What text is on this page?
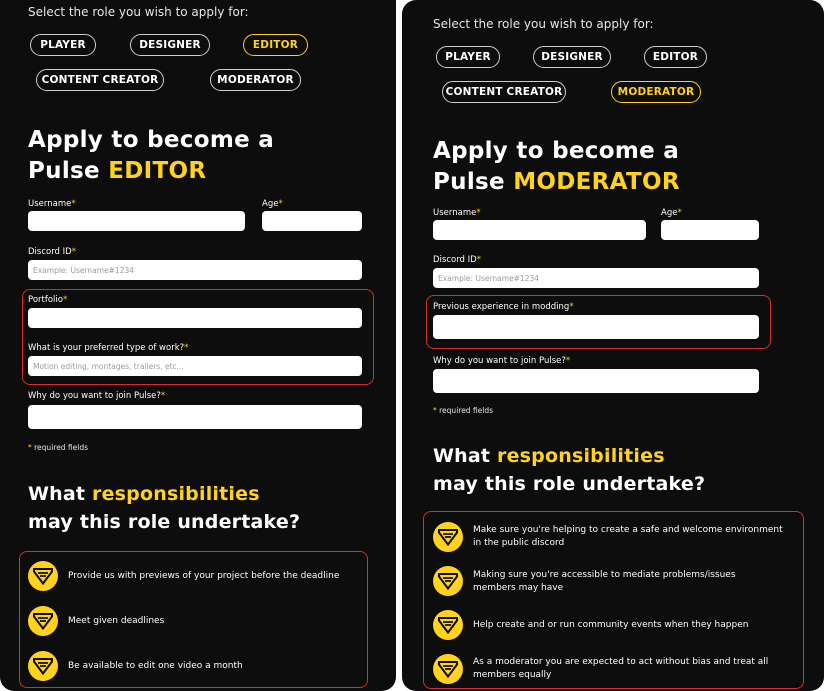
Select the role you wish to apply for:
PLAYER	DESIGNER	EDITOR
CONTENT CREATOR	MODERATOR
Apply to become a
Pulse EDITOR
Username*	Age*
Discord ID*
Example: Username#1234
Portfolio*
What is your preferred type of work?*
Motion editing, montages, trailers, etc...
Why do you want to join Pulse?*
* required fields
What responsibilities
may this role undertake?
Provide us with previews of your project before the deadline
Meet given deadlines
Be available to edit one video a month
Select the role you wish to apply for:
PLAYER	DESIGNER	EDITOR
CONTENT CREATOR	MODERATOR
Apply to become a
Pulse MODERATOR
Username*	Age*
Discord ID*
Example: Username#1234
Previous experience in modding*
Why do you want to join Pulse?*
* required fields
What responsibilities
may this role undertake?
Make sure you're helping to create a safe and welcome environment in the public discord
Making sure you're accessible to mediate problems/issues members may have
Help create and or run community events when they happen
As a moderator you are expected to act without bias and treat all members equally
